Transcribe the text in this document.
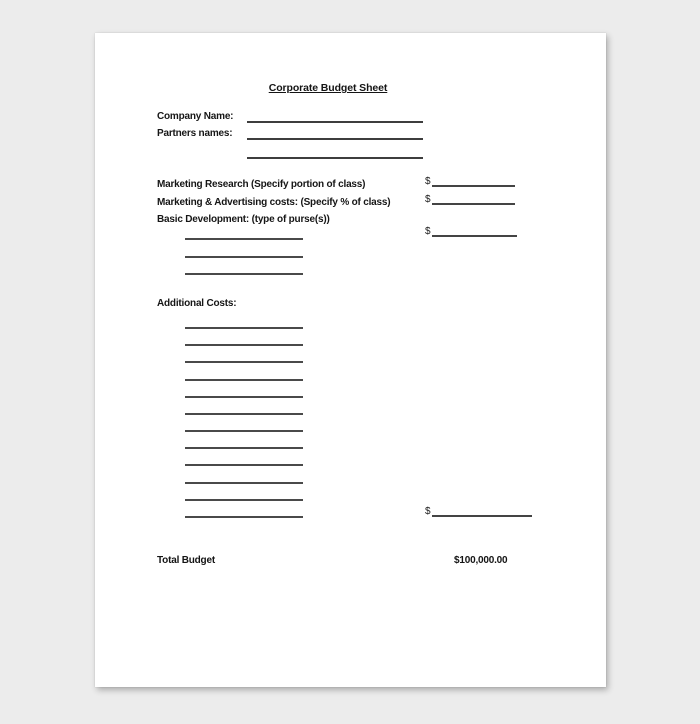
Corporate Budget Sheet
Company Name:
Partners names:
Marketing Research (Specify portion of class)	$
Marketing & Advertising costs: (Specify % of class)	$
Basic Development: (type of purse(s))
$
Additional Costs:
$
Total Budget	$100,000.00
